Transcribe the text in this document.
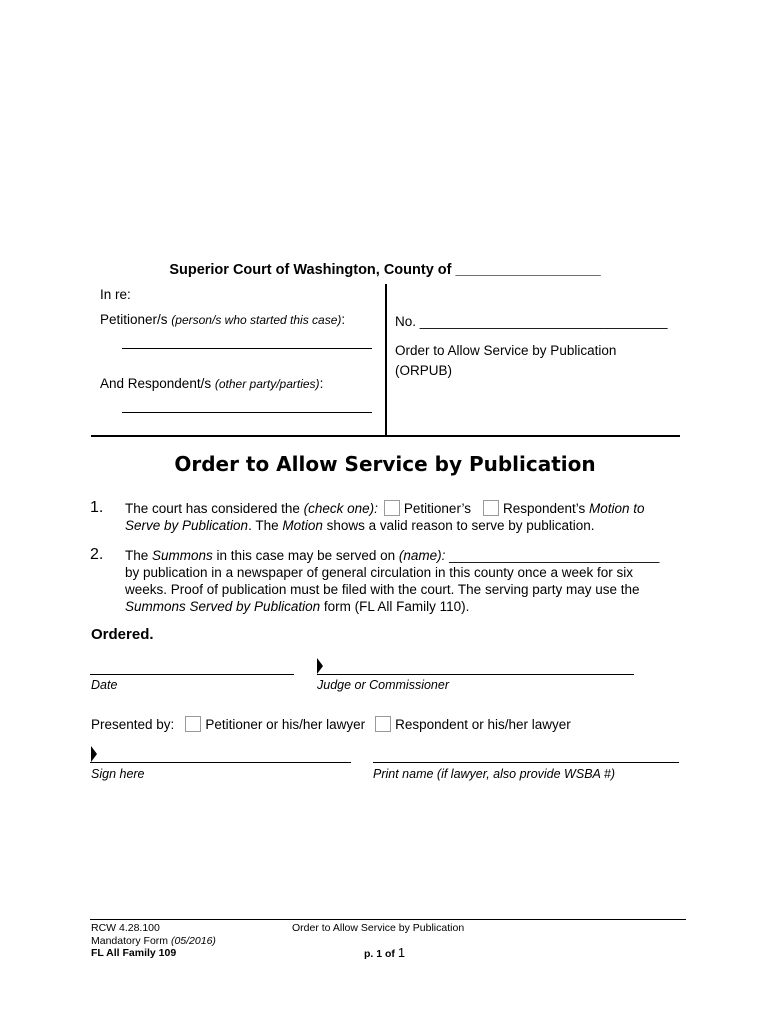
Superior Court of Washington, County of __________________
In re:
Petitioner/s (person/s who started this case):
And Respondent/s (other party/parties):
No. _________________________________
Order to Allow Service by Publication
(ORPUB)
Order to Allow Service by Publication
1. The court has considered the (check one): Petitioner’s Respondent’s Motion to
Serve by Publication. The Motion shows a valid reason to serve by publication.
2. The Summons in this case may be served on (name): ____________________________
by publication in a newspaper of general circulation in this county once a week for six
weeks. Proof of publication must be filed with the court. The serving party may use the
Summons Served by Publication form (FL All Family 110).
Ordered.
Date	Judge or Commissioner
Presented by: Petitioner or his/her lawyer Respondent or his/her lawyer
Sign here	Print name (if lawyer, also provide WSBA #)
RCW 4.28.100
Mandatory Form (05/2016)
FL All Family 109
Order to Allow Service by Publication
p. 1 of 1
